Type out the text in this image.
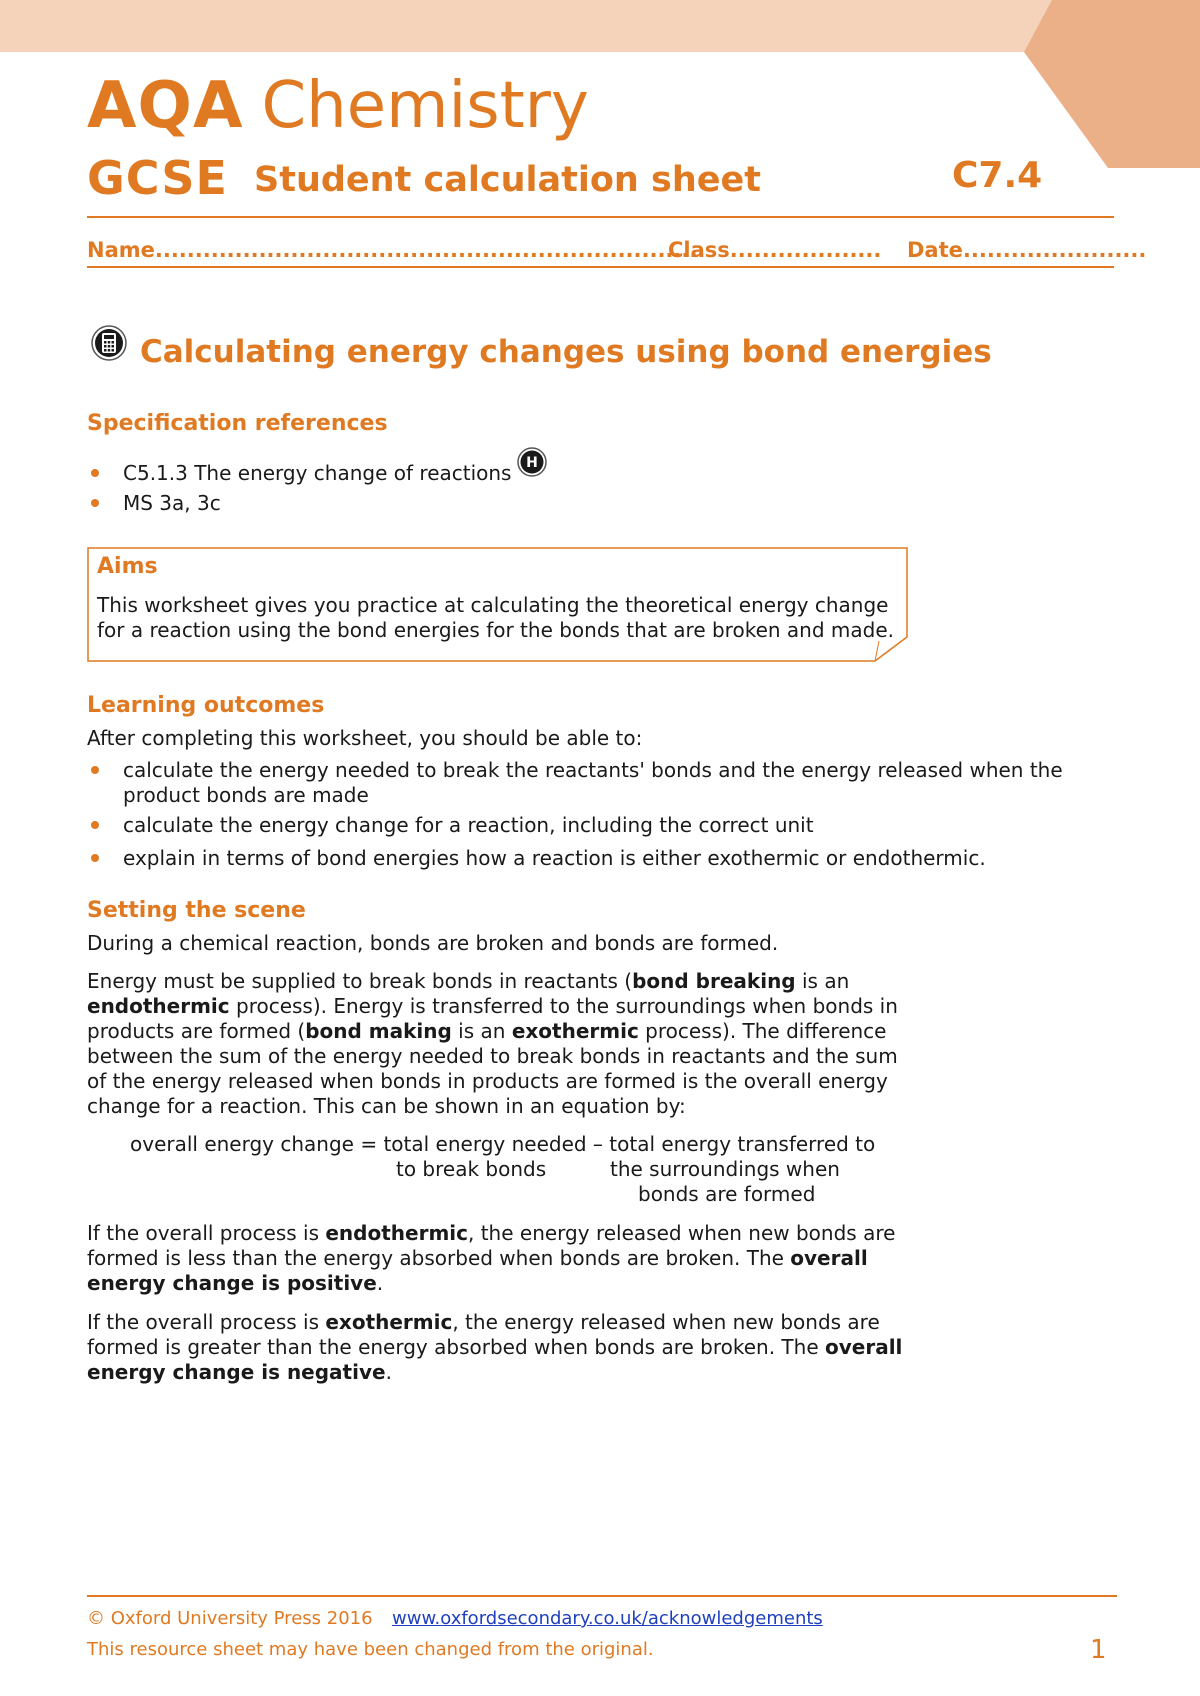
AQA Chemistry
GCSE Student calculation sheet	C7.4
Name.....................................................................
Class................... Date.......................
Calculating energy changes using bond energies
Specification references
C5.1.3 The energy change of reactions H
MS 3a, 3c
Aims
This worksheet gives you practice at calculating the theoretical energy change
for a reaction using the bond energies for the bonds that are broken and made.
Learning outcomes
After completing this worksheet, you should be able to:
calculate the energy needed to break the reactants' bonds and the energy released when the
product bonds are made
calculate the energy change for a reaction, including the correct unit
explain in terms of bond energies how a reaction is either exothermic or endothermic.
Setting the scene
During a chemical reaction, bonds are broken and bonds are formed.
Energy must be supplied to break bonds in reactants (bond breaking is an
endothermic process). Energy is transferred to the surroundings when bonds in
products are formed (bond making is an exothermic process). The difference
between the sum of the energy needed to break bonds in reactants and the sum
of the energy released when bonds in products are formed is the overall energy
change for a reaction. This can be shown in an equation by:
overall energy change = total energy needed – total energy transferred to
to break bonds	the surroundings when
bonds are formed
If the overall process is endothermic, the energy released when new bonds are
formed is less than the energy absorbed when bonds are broken. The overall
energy change is positive.
If the overall process is exothermic, the energy released when new bonds are
formed is greater than the energy absorbed when bonds are broken. The overall
energy change is negative.
© Oxford University Press 2016 www.oxfordsecondary.co.uk/acknowledgements
This resource sheet may have been changed from the original.	1
